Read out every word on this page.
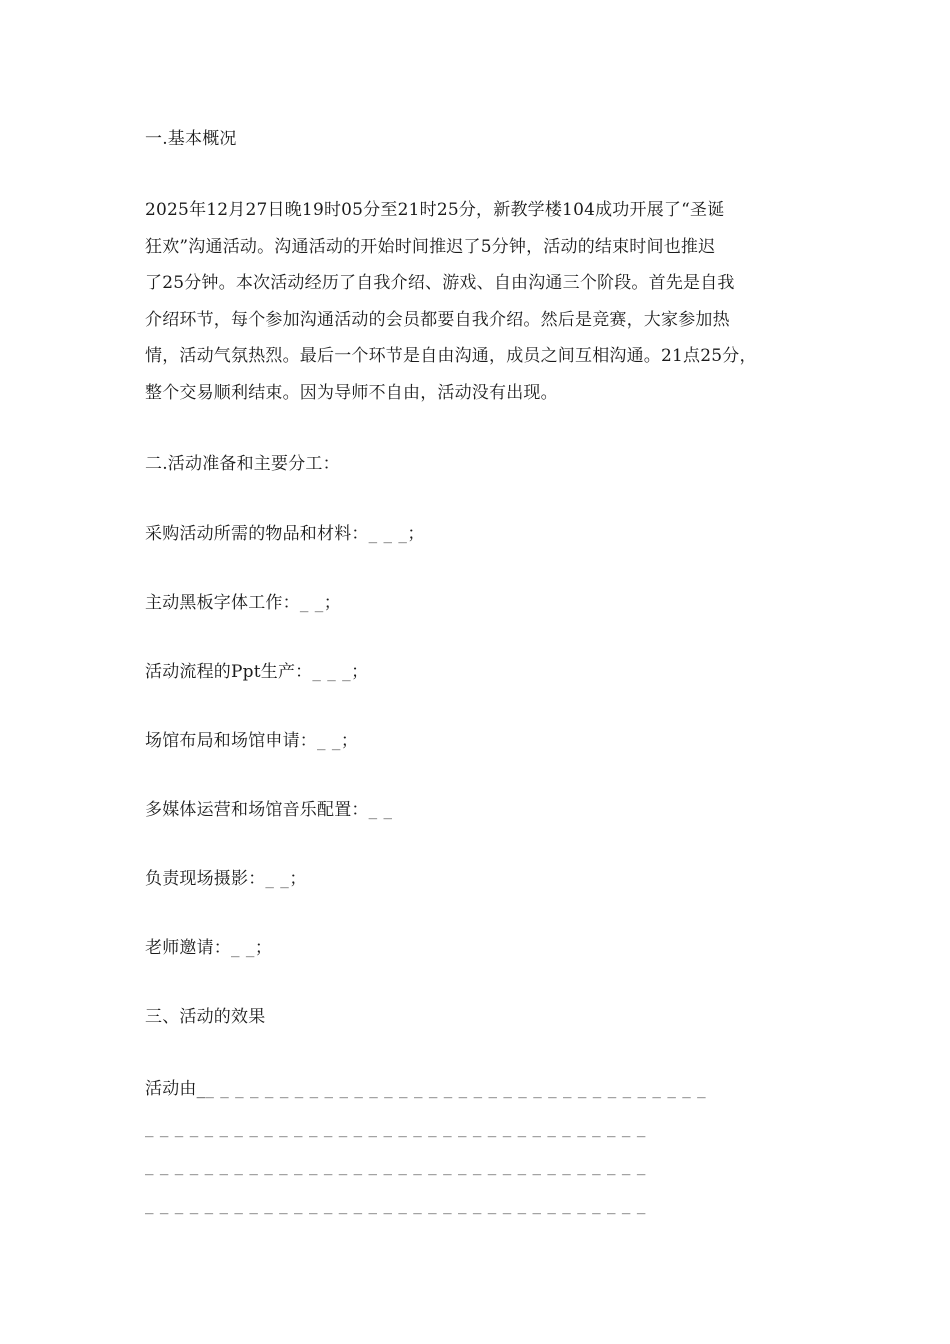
一.基本概况
2025年12月27日晚19时05分至21时25分，新教学楼104成功开展了“圣诞
狂欢”沟通活动。沟通活动的开始时间推迟了5分钟，活动的结束时间也推迟
了25分钟。本次活动经历了自我介绍、游戏、自由沟通三个阶段。首先是自我
介绍环节，每个参加沟通活动的会员都要自我介绍。然后是竞赛，大家参加热
情，活动气氛热烈。最后一个环节是自由沟通，成员之间互相沟通。21点25分，
整个交易顺利结束。因为导师不自由，活动没有出现。
二.活动准备和主要分工：
采购活动所需的物品和材料：_ _ _；
主动黑板字体工作：_ _；
活动流程的Ppt生产：_ _ _；
场馆布局和场馆申请：_ _；
多媒体运营和场馆音乐配置：_ _
负责现场摄影：_ _；
老师邀请：_ _；
三、活动的效果
活动由__ _ _ _ _ _ _ _ _ _ _ _ _ _ _ _ _ _ _ _ _ _ _ _ _ _ _ _ _ _ _ _ _ _
_ _ _ _ _ _ _ _ _ _ _ _ _ _ _ _ _ _ _ _ _ _ _ _ _ _ _ _ _ _ _ _ _ _
_ _ _ _ _ _ _ _ _ _ _ _ _ _ _ _ _ _ _ _ _ _ _ _ _ _ _ _ _ _ _ _ _ _
_ _ _ _ _ _ _ _ _ _ _ _ _ _ _ _ _ _ _ _ _ _ _ _ _ _ _ _ _ _ _ _ _ _
